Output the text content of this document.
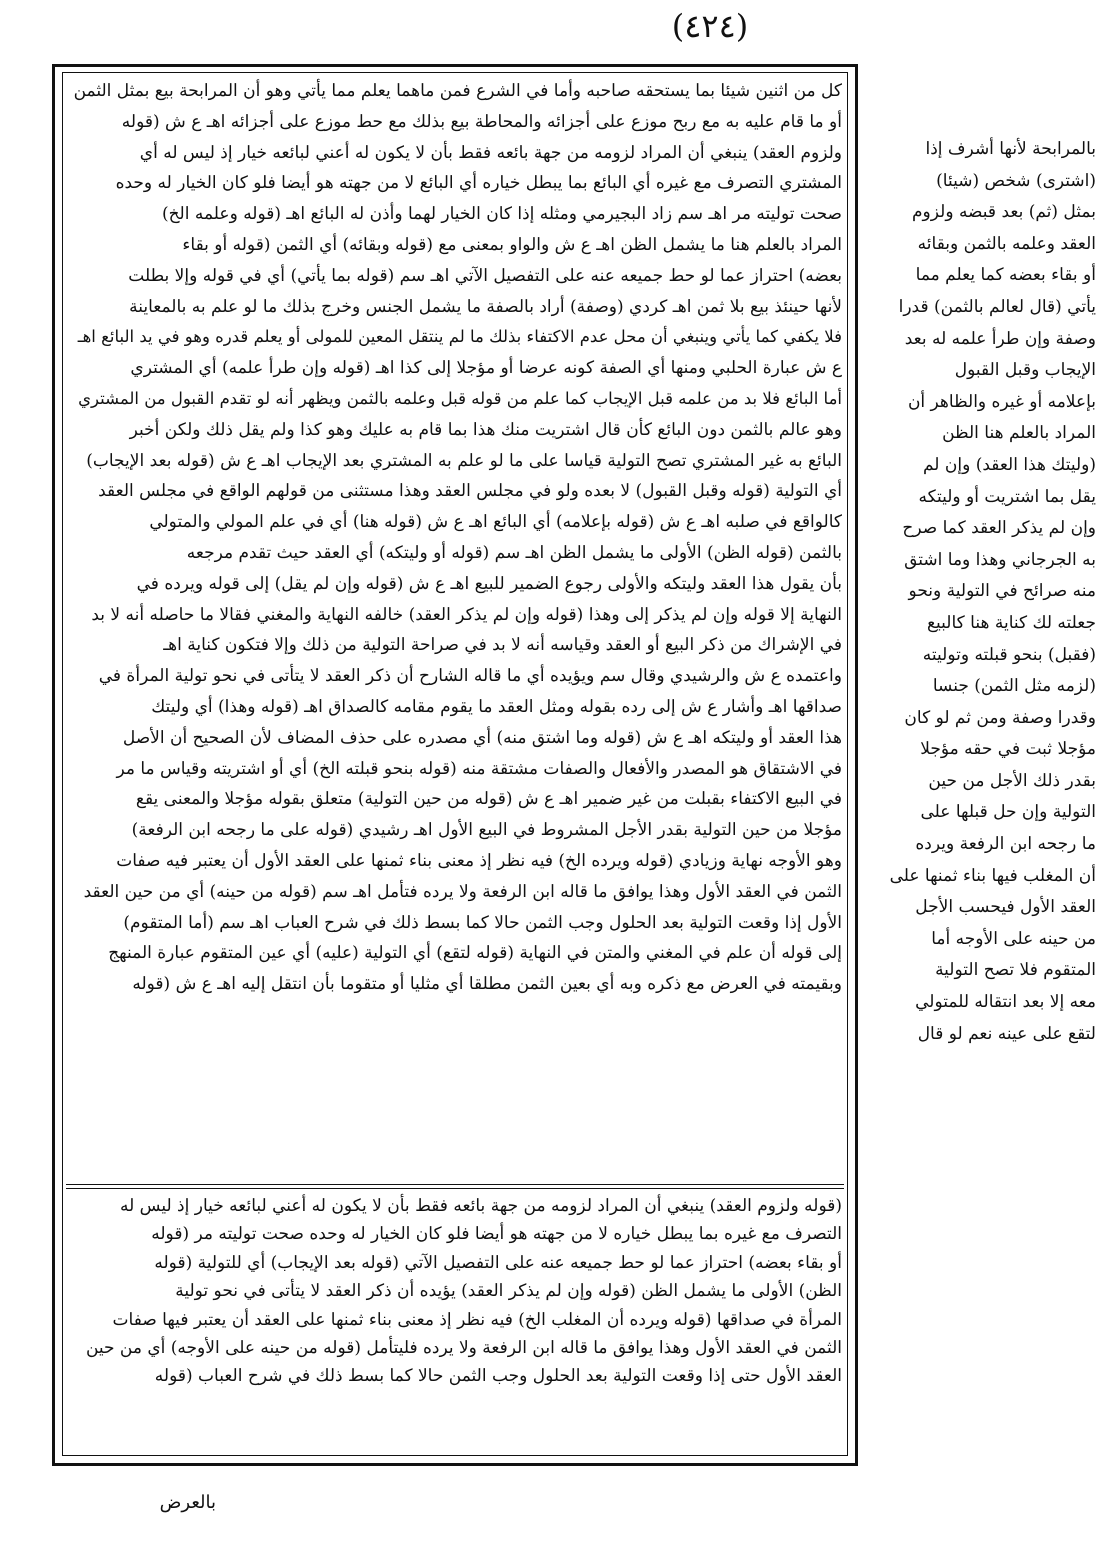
(٤٢٤)
كل من اثنين شيئا بما يستحقه صاحبه وأما في الشرع فمن ماهما يعلم مما يأتي وهو أن المرابحة بيع بمثل الثمن
أو ما قام عليه به مع ربح موزع على أجزائه والمحاطة بيع بذلك مع حط موزع على أجزائه اهـ ع ش (قوله
ولزوم العقد) ينبغي أن المراد لزومه من جهة بائعه فقط بأن لا يكون له أعني لبائعه خيار إذ ليس له أي
المشتري التصرف مع غيره أي البائع بما يبطل خياره أي البائع لا من جهته هو أيضا فلو كان الخيار له وحده
صحت توليته مر اهـ سم زاد البجيرمي ومثله إذا كان الخيار لهما وأذن له البائع اهـ (قوله وعلمه الخ)
المراد بالعلم هنا ما يشمل الظن اهـ ع ش والواو بمعنى مع (قوله وبقائه) أي الثمن (قوله أو بقاء
بعضه) احتراز عما لو حط جميعه عنه على التفصيل الآتي اهـ سم (قوله بما يأتي) أي في قوله وإلا بطلت
لأنها حينئذ بيع بلا ثمن اهـ كردي (وصفة) أراد بالصفة ما يشمل الجنس وخرج بذلك ما لو علم به بالمعاينة
فلا يكفي كما يأتي وينبغي أن محل عدم الاكتفاء بذلك ما لم ينتقل المعين للمولى أو يعلم قدره وهو في يد البائع اهـ
ع ش عبارة الحلبي ومنها أي الصفة كونه عرضا أو مؤجلا إلى كذا اهـ (قوله وإن طرأ علمه) أي المشتري
أما البائع فلا بد من علمه قبل الإيجاب كما علم من قوله قبل وعلمه بالثمن ويظهر أنه لو تقدم القبول من المشتري
وهو عالم بالثمن دون البائع كأن قال اشتريت منك هذا بما قام به عليك وهو كذا ولم يقل ذلك ولكن أخبر
البائع به غير المشتري تصح التولية قياسا على ما لو علم به المشتري بعد الإيجاب اهـ ع ش (قوله بعد الإيجاب)
أي التولية (قوله وقبل القبول) لا بعده ولو في مجلس العقد وهذا مستثنى من قولهم الواقع في مجلس العقد
كالواقع في صلبه اهـ ع ش (قوله بإعلامه) أي البائع اهـ ع ش (قوله هنا) أي في علم المولي والمتولي
بالثمن (قوله الظن) الأولى ما يشمل الظن اهـ سم (قوله أو وليتكه) أي العقد حيث تقدم مرجعه
بأن يقول هذا العقد وليتكه والأولى رجوع الضمير للبيع اهـ ع ش (قوله وإن لم يقل) إلى قوله ويرده في
النهاية إلا قوله وإن لم يذكر إلى وهذا (قوله وإن لم يذكر العقد) خالفه النهاية والمغني فقالا ما حاصله أنه لا بد
في الإشراك من ذكر البيع أو العقد وقياسه أنه لا بد في صراحة التولية من ذلك وإلا فتكون كناية اهـ
واعتمده ع ش والرشيدي وقال سم ويؤيده أي ما قاله الشارح أن ذكر العقد لا يتأتى في نحو تولية المرأة في
صداقها اهـ وأشار ع ش إلى رده بقوله ومثل العقد ما يقوم مقامه كالصداق اهـ (قوله وهذا) أي وليتك
هذا العقد أو وليتكه اهـ ع ش (قوله وما اشتق منه) أي مصدره على حذف المضاف لأن الصحيح أن الأصل
في الاشتقاق هو المصدر والأفعال والصفات مشتقة منه (قوله بنحو قبلته الخ) أي أو اشتريته وقياس ما مر
في البيع الاكتفاء بقبلت من غير ضمير اهـ ع ش (قوله من حين التولية) متعلق بقوله مؤجلا والمعنى يقع
مؤجلا من حين التولية بقدر الأجل المشروط في البيع الأول اهـ رشيدي (قوله على ما رجحه ابن الرفعة)
وهو الأوجه نهاية وزيادي (قوله ويرده الخ) فيه نظر إذ معنى بناء ثمنها على العقد الأول أن يعتبر فيه صفات
الثمن في العقد الأول وهذا يوافق ما قاله ابن الرفعة ولا يرده فتأمل اهـ سم (قوله من حينه) أي من حين العقد
الأول إذا وقعت التولية بعد الحلول وجب الثمن حالا كما بسط ذلك في شرح العباب اهـ سم (أما المتقوم)
إلى قوله أن علم في المغني والمتن في النهاية (قوله لتقع) أي التولية (عليه) أي عين المتقوم عبارة المنهج
وبقيمته في العرض مع ذكره وبه أي بعين الثمن مطلقا أي مثليا أو متقوما بأن انتقل إليه اهـ ع ش (قوله
(قوله ولزوم العقد) ينبغي أن المراد لزومه من جهة بائعه فقط بأن لا يكون له أعني لبائعه خيار إذ ليس له
التصرف مع غيره بما يبطل خياره لا من جهته هو أيضا فلو كان الخيار له وحده صحت توليته مر (قوله
أو بقاء بعضه) احتراز عما لو حط جميعه عنه على التفصيل الآتي (قوله بعد الإيجاب) أي للتولية (قوله
الظن) الأولى ما يشمل الظن (قوله وإن لم يذكر العقد) يؤيده أن ذكر العقد لا يتأتى في نحو تولية
المرأة في صداقها (قوله ويرده أن المغلب الخ) فيه نظر إذ معنى بناء ثمنها على العقد أن يعتبر فيها صفات
الثمن في العقد الأول وهذا يوافق ما قاله ابن الرفعة ولا يرده فليتأمل (قوله من حينه على الأوجه) أي من حين
العقد الأول حتى إذا وقعت التولية بعد الحلول وجب الثمن حالا كما بسط ذلك في شرح العباب (قوله
بالمرابحة لأنها أشرف إذا
(اشترى) شخص (شيئا)
بمثل (ثم) بعد قبضه ولزوم
العقد وعلمه بالثمن وبقائه
أو بقاء بعضه كما يعلم مما
يأتي (قال لعالم بالثمن) قدرا
وصفة وإن طرأ علمه له بعد
الإيجاب وقبل القبول
بإعلامه أو غيره والظاهر أن
المراد بالعلم هنا الظن
(وليتك هذا العقد) وإن لم
يقل بما اشتريت أو وليتكه
وإن لم يذكر العقد كما صرح
به الجرجاني وهذا وما اشتق
منه صرائح في التولية ونحو
جعلته لك كناية هنا كالبيع
(فقبل) بنحو قبلته وتوليته
(لزمه مثل الثمن) جنسا
وقدرا وصفة ومن ثم لو كان
مؤجلا ثبت في حقه مؤجلا
بقدر ذلك الأجل من حين
التولية وإن حل قبلها على
ما رجحه ابن الرفعة ويرده
أن المغلب فيها بناء ثمنها على
العقد الأول فيحسب الأجل
من حينه على الأوجه أما
المتقوم فلا تصح التولية
معه إلا بعد انتقاله للمتولي
لتقع على عينه نعم لو قال
بالعرض
